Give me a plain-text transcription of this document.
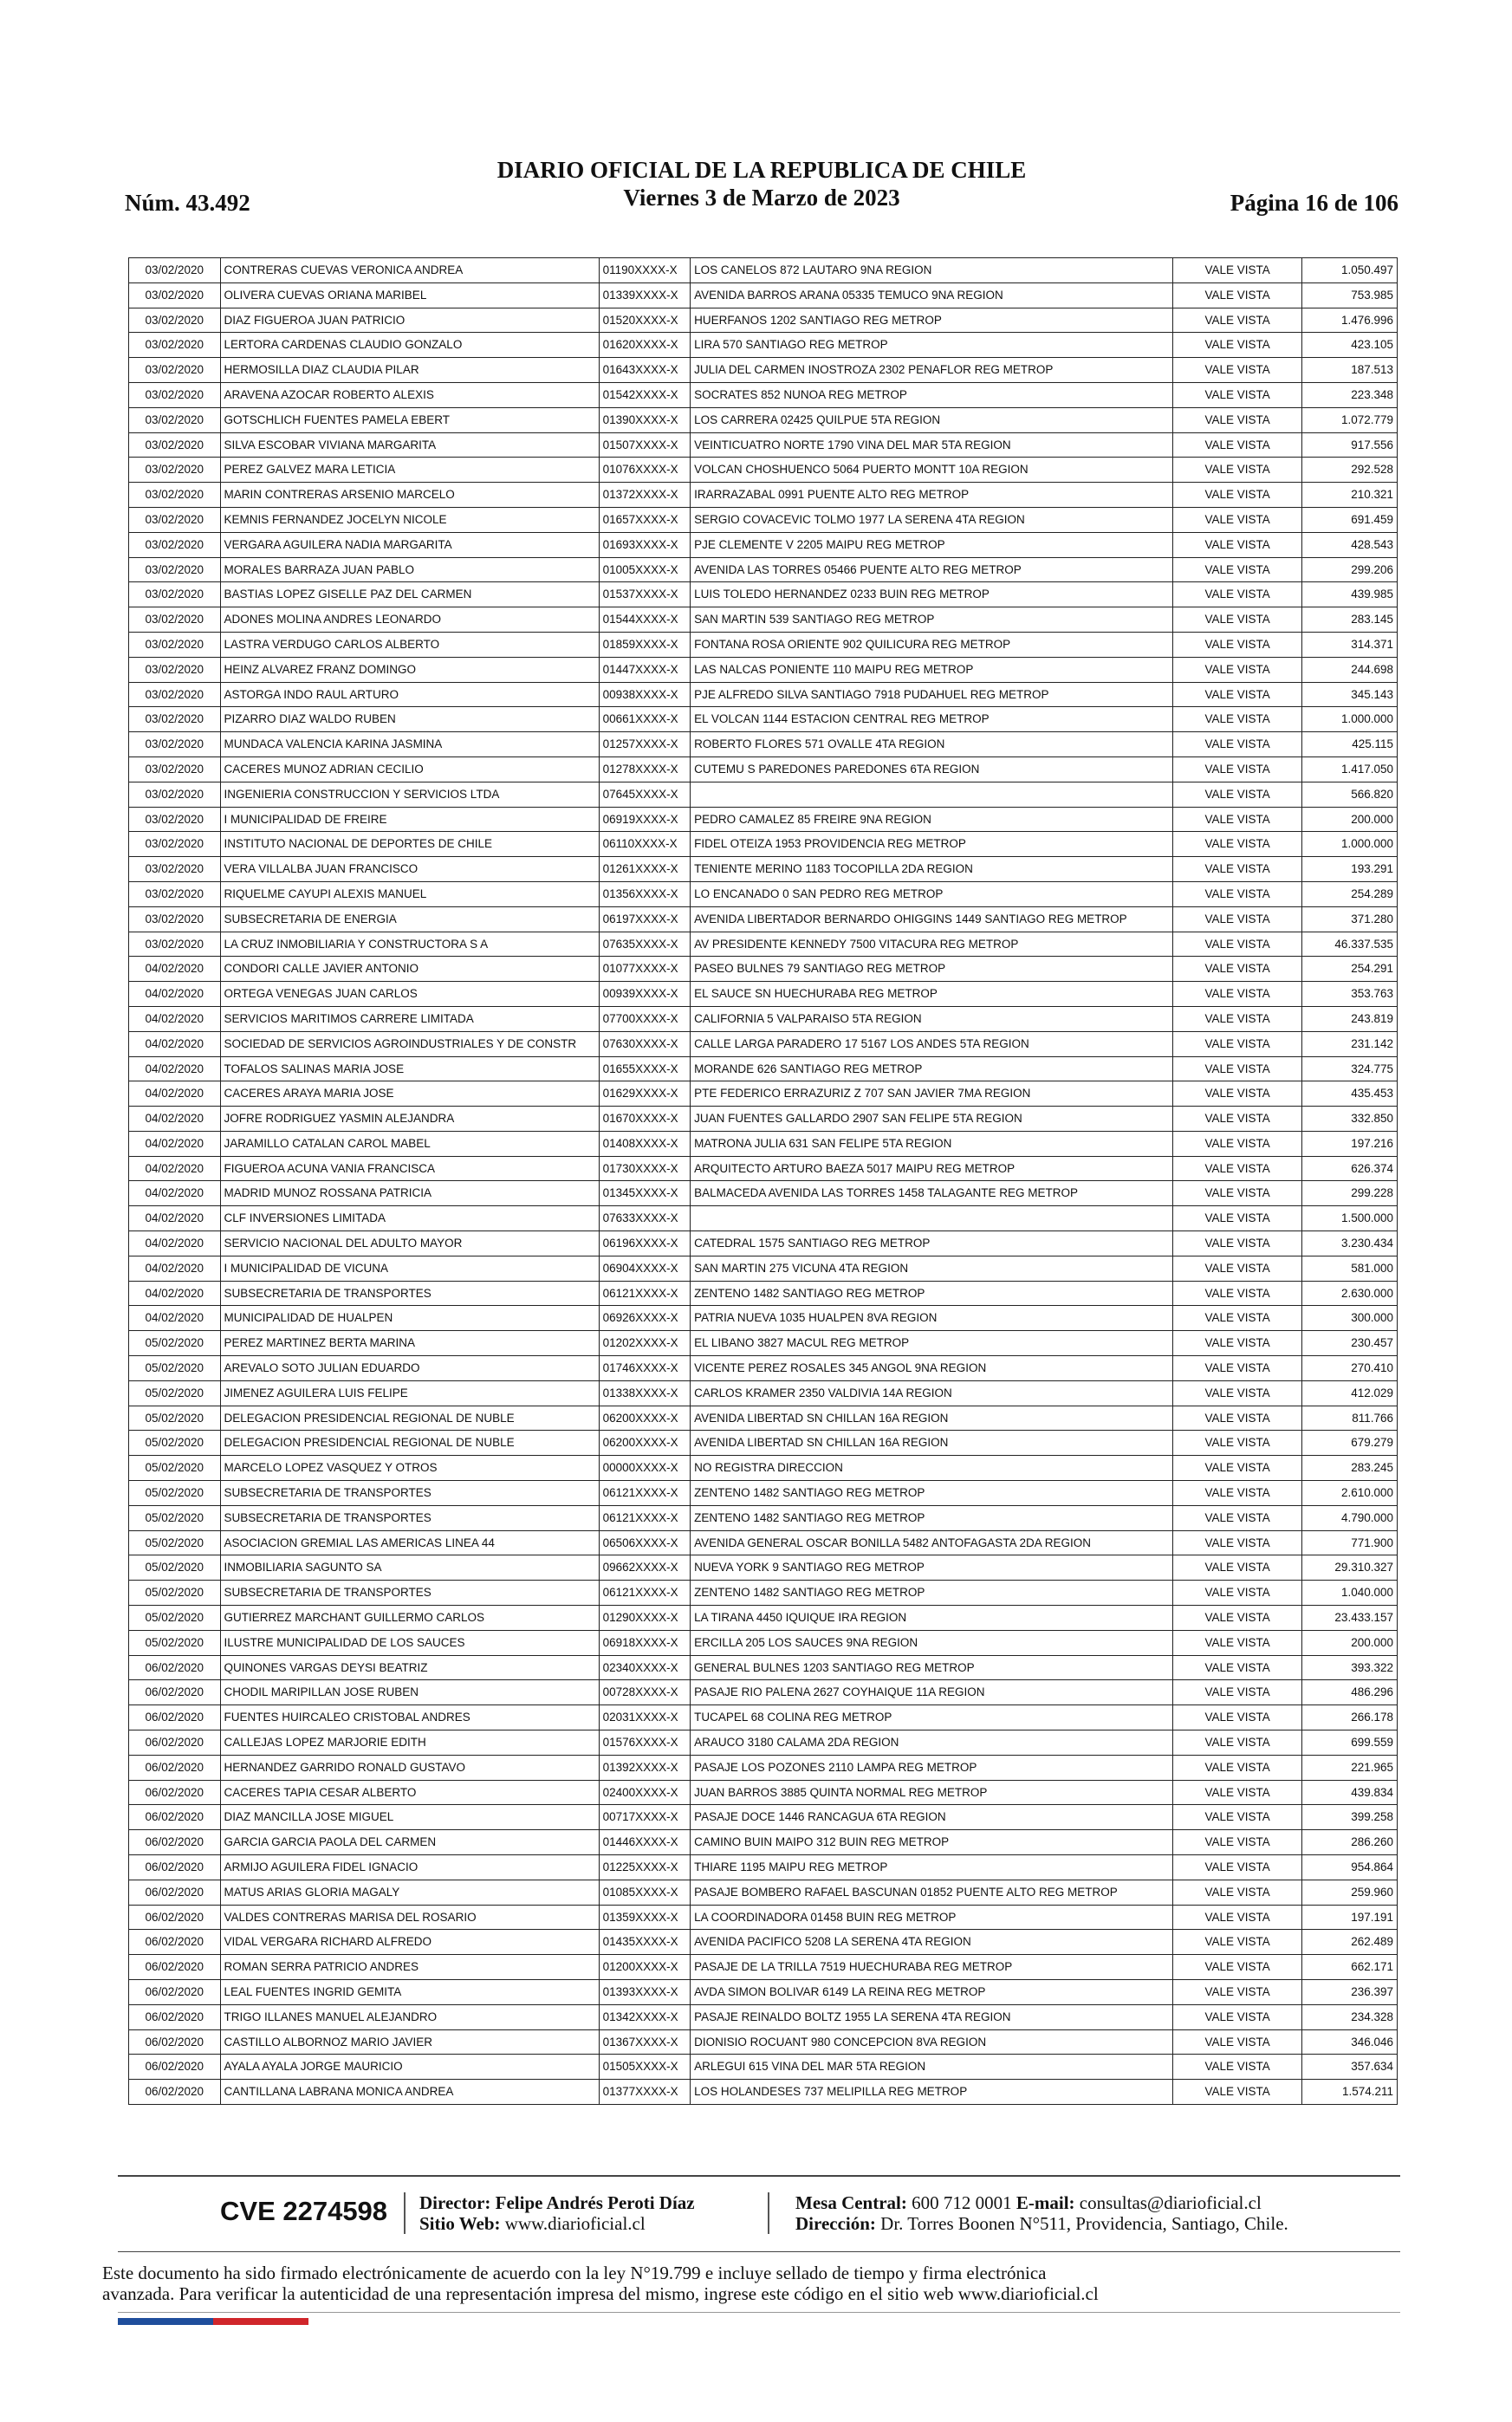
Núm. 43.492
DIARIO OFICIAL DE LA REPUBLICA DE CHILE
Viernes 3 de Marzo de 2023	Página 16 de 106
03/02/2020	CONTRERAS CUEVAS VERONICA ANDREA	01190XXXX-X	LOS CANELOS 872 LAUTARO 9NA REGION	VALE VISTA	1.050.497
03/02/2020	OLIVERA CUEVAS ORIANA MARIBEL	01339XXXX-X	AVENIDA BARROS ARANA 05335 TEMUCO 9NA REGION	VALE VISTA	753.985
03/02/2020	DIAZ FIGUEROA JUAN PATRICIO	01520XXXX-X	HUERFANOS 1202 SANTIAGO REG METROP	VALE VISTA	1.476.996
03/02/2020	LERTORA CARDENAS CLAUDIO GONZALO	01620XXXX-X	LIRA 570 SANTIAGO REG METROP	VALE VISTA	423.105
03/02/2020	HERMOSILLA DIAZ CLAUDIA PILAR	01643XXXX-X	JULIA DEL CARMEN INOSTROZA 2302 PENAFLOR REG METROP	VALE VISTA	187.513
03/02/2020	ARAVENA AZOCAR ROBERTO ALEXIS	01542XXXX-X	SOCRATES 852 NUNOA REG METROP	VALE VISTA	223.348
03/02/2020	GOTSCHLICH FUENTES PAMELA EBERT	01390XXXX-X	LOS CARRERA 02425 QUILPUE 5TA REGION	VALE VISTA	1.072.779
03/02/2020	SILVA ESCOBAR VIVIANA MARGARITA	01507XXXX-X	VEINTICUATRO NORTE 1790 VINA DEL MAR 5TA REGION	VALE VISTA	917.556
03/02/2020	PEREZ GALVEZ MARA LETICIA	01076XXXX-X	VOLCAN CHOSHUENCO 5064 PUERTO MONTT 10A REGION	VALE VISTA	292.528
03/02/2020	MARIN CONTRERAS ARSENIO MARCELO	01372XXXX-X	IRARRAZABAL 0991 PUENTE ALTO REG METROP	VALE VISTA	210.321
03/02/2020	KEMNIS FERNANDEZ JOCELYN NICOLE	01657XXXX-X	SERGIO COVACEVIC TOLMO 1977 LA SERENA 4TA REGION	VALE VISTA	691.459
03/02/2020	VERGARA AGUILERA NADIA MARGARITA	01693XXXX-X	PJE CLEMENTE V 2205 MAIPU REG METROP	VALE VISTA	428.543
03/02/2020	MORALES BARRAZA JUAN PABLO	01005XXXX-X	AVENIDA LAS TORRES 05466 PUENTE ALTO REG METROP	VALE VISTA	299.206
03/02/2020	BASTIAS LOPEZ GISELLE PAZ DEL CARMEN	01537XXXX-X	LUIS TOLEDO HERNANDEZ 0233 BUIN REG METROP	VALE VISTA	439.985
03/02/2020	ADONES MOLINA ANDRES LEONARDO	01544XXXX-X	SAN MARTIN 539 SANTIAGO REG METROP	VALE VISTA	283.145
03/02/2020	LASTRA VERDUGO CARLOS ALBERTO	01859XXXX-X	FONTANA ROSA ORIENTE 902 QUILICURA REG METROP	VALE VISTA	314.371
03/02/2020	HEINZ ALVAREZ FRANZ DOMINGO	01447XXXX-X	LAS NALCAS PONIENTE 110 MAIPU REG METROP	VALE VISTA	244.698
03/02/2020	ASTORGA INDO RAUL ARTURO	00938XXXX-X	PJE ALFREDO SILVA SANTIAGO 7918 PUDAHUEL REG METROP	VALE VISTA	345.143
03/02/2020	PIZARRO DIAZ WALDO RUBEN	00661XXXX-X	EL VOLCAN 1144 ESTACION CENTRAL REG METROP	VALE VISTA	1.000.000
03/02/2020	MUNDACA VALENCIA KARINA JASMINA	01257XXXX-X	ROBERTO FLORES 571 OVALLE 4TA REGION	VALE VISTA	425.115
03/02/2020	CACERES MUNOZ ADRIAN CECILIO	01278XXXX-X	CUTEMU S PAREDONES PAREDONES 6TA REGION	VALE VISTA	1.417.050
03/02/2020	INGENIERIA CONSTRUCCION Y SERVICIOS LTDA	07645XXXX-X		VALE VISTA	566.820
03/02/2020	I MUNICIPALIDAD DE FREIRE	06919XXXX-X	PEDRO CAMALEZ 85 FREIRE 9NA REGION	VALE VISTA	200.000
03/02/2020	INSTITUTO NACIONAL DE DEPORTES DE CHILE	06110XXXX-X	FIDEL OTEIZA 1953 PROVIDENCIA REG METROP	VALE VISTA	1.000.000
03/02/2020	VERA VILLALBA JUAN FRANCISCO	01261XXXX-X	TENIENTE MERINO 1183 TOCOPILLA 2DA REGION	VALE VISTA	193.291
03/02/2020	RIQUELME CAYUPI ALEXIS MANUEL	01356XXXX-X	LO ENCANADO 0 SAN PEDRO REG METROP	VALE VISTA	254.289
03/02/2020	SUBSECRETARIA DE ENERGIA	06197XXXX-X	AVENIDA LIBERTADOR BERNARDO OHIGGINS 1449 SANTIAGO REG METROP	VALE VISTA	371.280
03/02/2020	LA CRUZ INMOBILIARIA Y CONSTRUCTORA S A	07635XXXX-X	AV PRESIDENTE KENNEDY 7500 VITACURA REG METROP	VALE VISTA	46.337.535
04/02/2020	CONDORI CALLE JAVIER ANTONIO	01077XXXX-X	PASEO BULNES 79 SANTIAGO REG METROP	VALE VISTA	254.291
04/02/2020	ORTEGA VENEGAS JUAN CARLOS	00939XXXX-X	EL SAUCE SN HUECHURABA REG METROP	VALE VISTA	353.763
04/02/2020	SERVICIOS MARITIMOS CARRERE LIMITADA	07700XXXX-X	CALIFORNIA 5 VALPARAISO 5TA REGION	VALE VISTA	243.819
04/02/2020	SOCIEDAD DE SERVICIOS AGROINDUSTRIALES Y DE CONSTR	07630XXXX-X	CALLE LARGA PARADERO 17 5167 LOS ANDES 5TA REGION	VALE VISTA	231.142
04/02/2020	TOFALOS SALINAS MARIA JOSE	01655XXXX-X	MORANDE 626 SANTIAGO REG METROP	VALE VISTA	324.775
04/02/2020	CACERES ARAYA MARIA JOSE	01629XXXX-X	PTE FEDERICO ERRAZURIZ Z 707 SAN JAVIER 7MA REGION	VALE VISTA	435.453
04/02/2020	JOFRE RODRIGUEZ YASMIN ALEJANDRA	01670XXXX-X	JUAN FUENTES GALLARDO 2907 SAN FELIPE 5TA REGION	VALE VISTA	332.850
04/02/2020	JARAMILLO CATALAN CAROL MABEL	01408XXXX-X	MATRONA JULIA 631 SAN FELIPE 5TA REGION	VALE VISTA	197.216
04/02/2020	FIGUEROA ACUNA VANIA FRANCISCA	01730XXXX-X	ARQUITECTO ARTURO BAEZA 5017 MAIPU REG METROP	VALE VISTA	626.374
04/02/2020	MADRID MUNOZ ROSSANA PATRICIA	01345XXXX-X	BALMACEDA AVENIDA LAS TORRES 1458 TALAGANTE REG METROP	VALE VISTA	299.228
04/02/2020	CLF INVERSIONES LIMITADA	07633XXXX-X		VALE VISTA	1.500.000
04/02/2020	SERVICIO NACIONAL DEL ADULTO MAYOR	06196XXXX-X	CATEDRAL 1575 SANTIAGO REG METROP	VALE VISTA	3.230.434
04/02/2020	I MUNICIPALIDAD DE VICUNA	06904XXXX-X	SAN MARTIN 275 VICUNA 4TA REGION	VALE VISTA	581.000
04/02/2020	SUBSECRETARIA DE TRANSPORTES	06121XXXX-X	ZENTENO 1482 SANTIAGO REG METROP	VALE VISTA	2.630.000
04/02/2020	MUNICIPALIDAD DE HUALPEN	06926XXXX-X	PATRIA NUEVA 1035 HUALPEN 8VA REGION	VALE VISTA	300.000
05/02/2020	PEREZ MARTINEZ BERTA MARINA	01202XXXX-X	EL LIBANO 3827 MACUL REG METROP	VALE VISTA	230.457
05/02/2020	AREVALO SOTO JULIAN EDUARDO	01746XXXX-X	VICENTE PEREZ ROSALES 345 ANGOL 9NA REGION	VALE VISTA	270.410
05/02/2020	JIMENEZ AGUILERA LUIS FELIPE	01338XXXX-X	CARLOS KRAMER 2350 VALDIVIA 14A REGION	VALE VISTA	412.029
05/02/2020	DELEGACION PRESIDENCIAL REGIONAL DE NUBLE	06200XXXX-X	AVENIDA LIBERTAD SN CHILLAN 16A REGION	VALE VISTA	811.766
05/02/2020	DELEGACION PRESIDENCIAL REGIONAL DE NUBLE	06200XXXX-X	AVENIDA LIBERTAD SN CHILLAN 16A REGION	VALE VISTA	679.279
05/02/2020	MARCELO LOPEZ VASQUEZ Y OTROS	00000XXXX-X	NO REGISTRA DIRECCION	VALE VISTA	283.245
05/02/2020	SUBSECRETARIA DE TRANSPORTES	06121XXXX-X	ZENTENO 1482 SANTIAGO REG METROP	VALE VISTA	2.610.000
05/02/2020	SUBSECRETARIA DE TRANSPORTES	06121XXXX-X	ZENTENO 1482 SANTIAGO REG METROP	VALE VISTA	4.790.000
05/02/2020	ASOCIACION GREMIAL LAS AMERICAS LINEA 44	06506XXXX-X	AVENIDA GENERAL OSCAR BONILLA 5482 ANTOFAGASTA 2DA REGION	VALE VISTA	771.900
05/02/2020	INMOBILIARIA SAGUNTO SA	09662XXXX-X	NUEVA YORK 9 SANTIAGO REG METROP	VALE VISTA	29.310.327
05/02/2020	SUBSECRETARIA DE TRANSPORTES	06121XXXX-X	ZENTENO 1482 SANTIAGO REG METROP	VALE VISTA	1.040.000
05/02/2020	GUTIERREZ MARCHANT GUILLERMO CARLOS	01290XXXX-X	LA TIRANA 4450 IQUIQUE IRA REGION	VALE VISTA	23.433.157
05/02/2020	ILUSTRE MUNICIPALIDAD DE LOS SAUCES	06918XXXX-X	ERCILLA 205 LOS SAUCES 9NA REGION	VALE VISTA	200.000
06/02/2020	QUINONES VARGAS DEYSI BEATRIZ	02340XXXX-X	GENERAL BULNES 1203 SANTIAGO REG METROP	VALE VISTA	393.322
06/02/2020	CHODIL MARIPILLAN JOSE RUBEN	00728XXXX-X	PASAJE RIO PALENA 2627 COYHAIQUE 11A REGION	VALE VISTA	486.296
06/02/2020	FUENTES HUIRCALEO CRISTOBAL ANDRES	02031XXXX-X	TUCAPEL 68 COLINA REG METROP	VALE VISTA	266.178
06/02/2020	CALLEJAS LOPEZ MARJORIE EDITH	01576XXXX-X	ARAUCO 3180 CALAMA 2DA REGION	VALE VISTA	699.559
06/02/2020	HERNANDEZ GARRIDO RONALD GUSTAVO	01392XXXX-X	PASAJE LOS POZONES 2110 LAMPA REG METROP	VALE VISTA	221.965
06/02/2020	CACERES TAPIA CESAR ALBERTO	02400XXXX-X	JUAN BARROS 3885 QUINTA NORMAL REG METROP	VALE VISTA	439.834
06/02/2020	DIAZ MANCILLA JOSE MIGUEL	00717XXXX-X	PASAJE DOCE 1446 RANCAGUA 6TA REGION	VALE VISTA	399.258
06/02/2020	GARCIA GARCIA PAOLA DEL CARMEN	01446XXXX-X	CAMINO BUIN MAIPO 312 BUIN REG METROP	VALE VISTA	286.260
06/02/2020	ARMIJO AGUILERA FIDEL IGNACIO	01225XXXX-X	THIARE 1195 MAIPU REG METROP	VALE VISTA	954.864
06/02/2020	MATUS ARIAS GLORIA MAGALY	01085XXXX-X	PASAJE BOMBERO RAFAEL BASCUNAN 01852 PUENTE ALTO REG METROP	VALE VISTA	259.960
06/02/2020	VALDES CONTRERAS MARISA DEL ROSARIO	01359XXXX-X	LA COORDINADORA 01458 BUIN REG METROP	VALE VISTA	197.191
06/02/2020	VIDAL VERGARA RICHARD ALFREDO	01435XXXX-X	AVENIDA PACIFICO 5208 LA SERENA 4TA REGION	VALE VISTA	262.489
06/02/2020	ROMAN SERRA PATRICIO ANDRES	01200XXXX-X	PASAJE DE LA TRILLA 7519 HUECHURABA REG METROP	VALE VISTA	662.171
06/02/2020	LEAL FUENTES INGRID GEMITA	01393XXXX-X	AVDA SIMON BOLIVAR 6149 LA REINA REG METROP	VALE VISTA	236.397
06/02/2020	TRIGO ILLANES MANUEL ALEJANDRO	01342XXXX-X	PASAJE REINALDO BOLTZ 1955 LA SERENA 4TA REGION	VALE VISTA	234.328
06/02/2020	CASTILLO ALBORNOZ MARIO JAVIER	01367XXXX-X	DIONISIO ROCUANT 980 CONCEPCION 8VA REGION	VALE VISTA	346.046
06/02/2020	AYALA AYALA JORGE MAURICIO	01505XXXX-X	ARLEGUI 615 VINA DEL MAR 5TA REGION	VALE VISTA	357.634
06/02/2020	CANTILLANA LABRANA MONICA ANDREA	01377XXXX-X	LOS HOLANDESES 737 MELIPILLA REG METROP	VALE VISTA	1.574.211
CVE 2274598 Director: Felipe Andrés Peroti Díaz
Sitio Web: www.diarioficial.cl
Mesa Central: 600 712 0001 E-mail: consultas@diarioficial.cl
Dirección: Dr. Torres Boonen N°511, Providencia, Santiago, Chile.
Este documento ha sido firmado electrónicamente de acuerdo con la ley N°19.799 e incluye sellado de tiempo y firma electrónica
avanzada. Para verificar la autenticidad de una representación impresa del mismo, ingrese este código en el sitio web www.diarioficial.cl
